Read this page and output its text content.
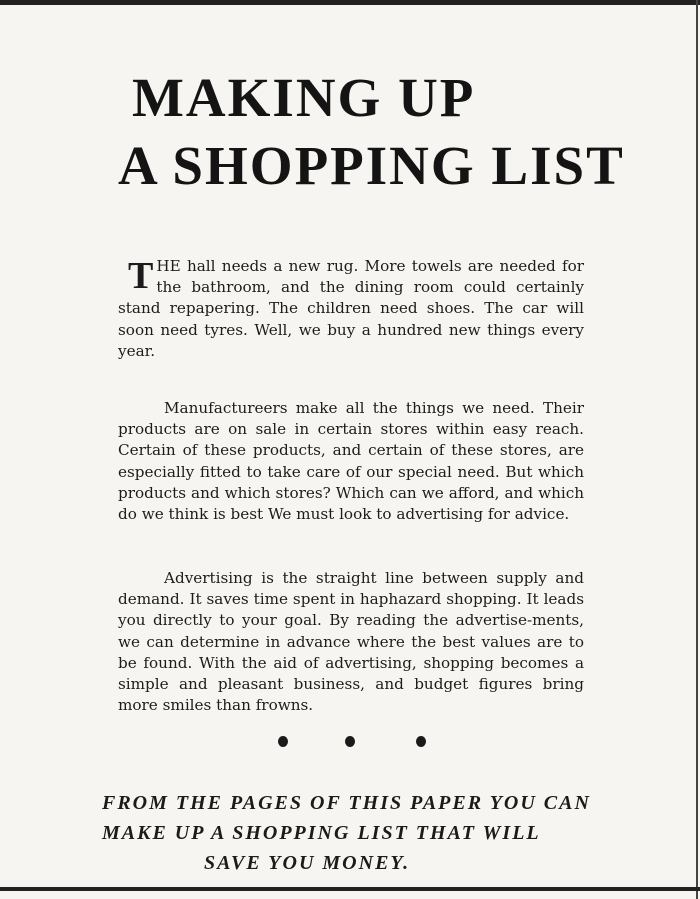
MAKING UP
A SHOPPING LIST

THE hall needs a new rug. More towels are needed for the bathroom, and the dining room could certainly stand repapering. The children need shoes. The car will soon need tyres. Well, we buy a hundred new things every year.

Manufactureers make all the things we need. Their products are on sale in certain stores within easy reach. Certain of these products, and certain of these stores, are especially fitted to take care of our special need. But which products and which stores? Which can we afford, and which do we think is best We must look to advertising for advice.

Advertising is the straight line between supply and demand. It saves time spent in haphazard shopping. It leads you directly to your goal. By reading the advertise-ments, we can determine in advance where the best values are to be found. With the aid of advertising, shopping becomes a simple and pleasant business, and budget figures bring more smiles than frowns.

FROM THE PAGES OF THIS PAPER YOU CAN

MAKE UP A SHOPPING LIST THAT WILL

SAVE YOU MONEY.
